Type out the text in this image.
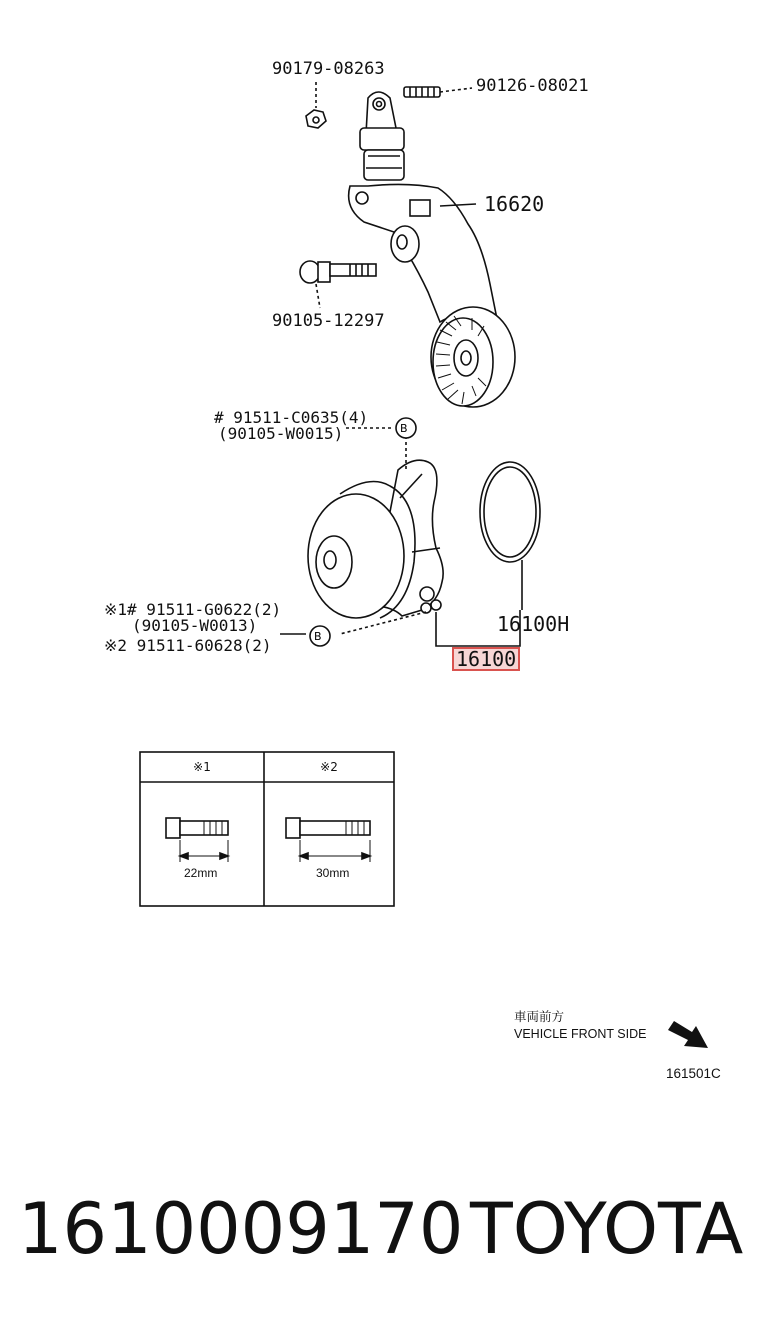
90179-08263
90126-08021
16620
90105-12297
# 91511-C0635(4)
(90105-W0015)	B
16100H
※1# 91511-G0622(2)
(90105-W0013)
※2 91511-60628(2)	B
16100
※1	※2
22mm	30mm
車両前方
VEHICLE FRONT SIDE
161501C
1610009170 TOYOTA
